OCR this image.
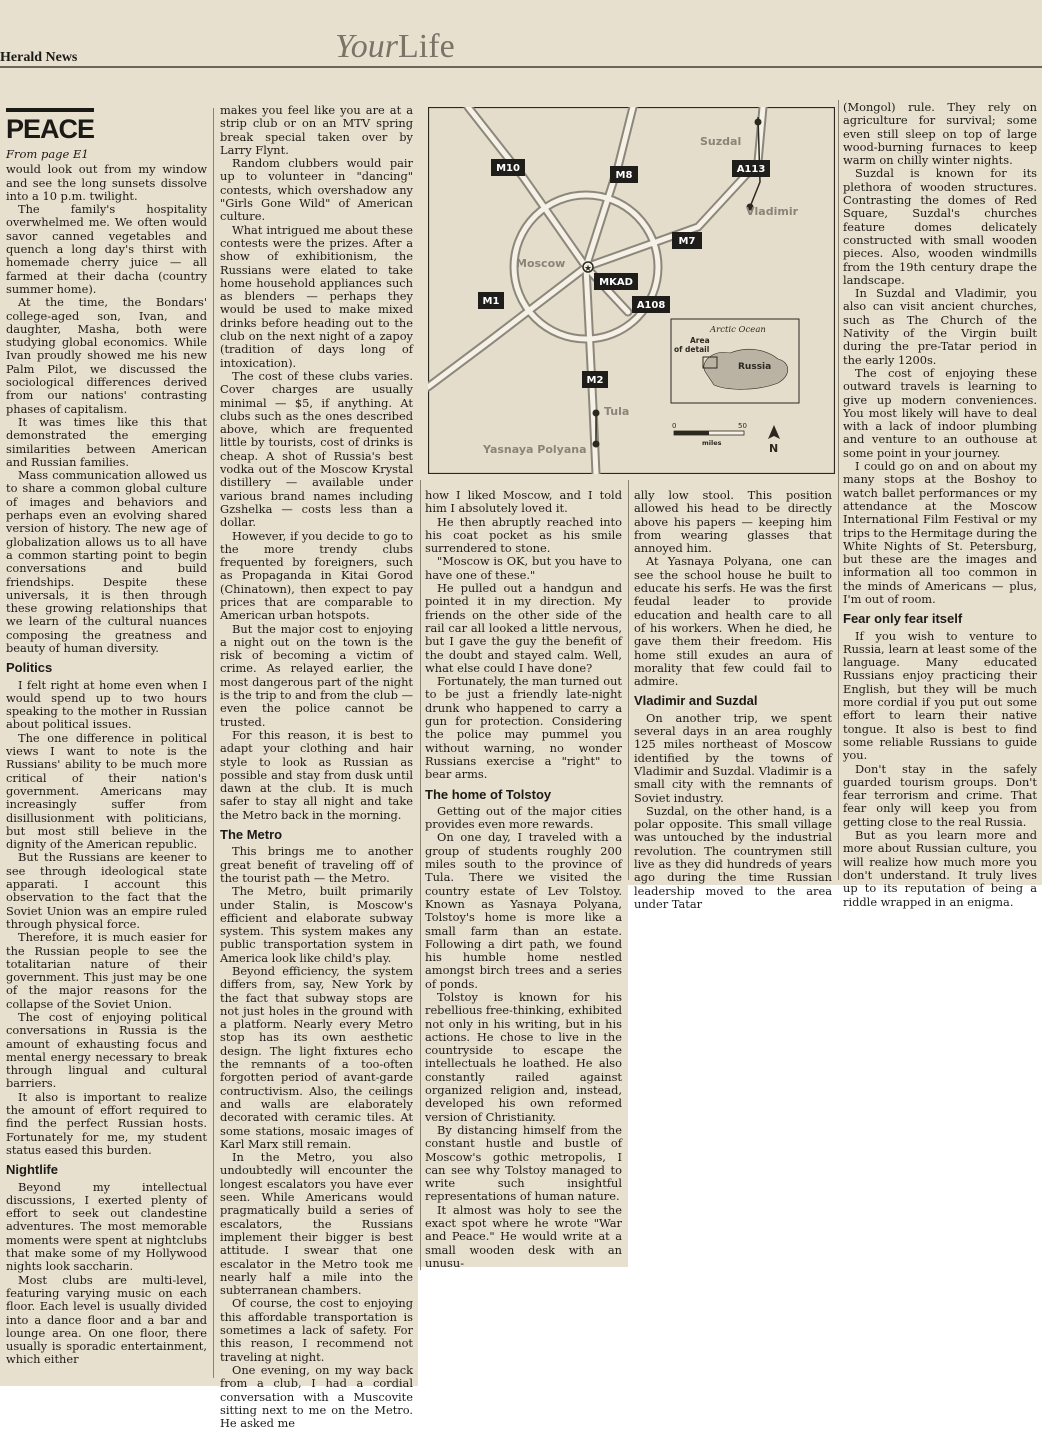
Herald News	YourLife
PEACE
From page E1

would look out from my window and see the long sunsets dissolve into a 10 p.m. twilight.

The family's hospitality overwhelmed me. We often would savor canned vegetables and quench a long day's thirst with homemade cherry juice — all farmed at their dacha (country summer home).

At the time, the Bondars' college-aged son, Ivan, and daughter, Masha, both were studying global economics. While Ivan proudly showed me his new Palm Pilot, we discussed the sociological differences derived from our nations' contrasting phases of capitalism.

It was times like this that demonstrated the emerging similarities between American and Russian families.

Mass communication allowed us to share a common global culture of images and behaviors and perhaps even an evolving shared version of history. The new age of globalization allows us to all have a common starting point to begin conversations and build friendships. Despite these universals, it is then through these growing relationships that we learn of the cultural nuances composing the greatness and beauty of human diversity.

Politics

I felt right at home even when I would spend up to two hours speaking to the mother in Russian about political issues.

The one difference in political views I want to note is the Russians' ability to be much more critical of their nation's government. Americans may increasingly suffer from disillusionment with politicians, but most still believe in the dignity of the American republic.

But the Russians are keener to see through ideological state apparati. I account this observation to the fact that the Soviet Union was an empire ruled through physical force.

Therefore, it is much easier for the Russian people to see the totalitarian nature of their government. This just may be one of the major reasons for the collapse of the Soviet Union.

The cost of enjoying political conversations in Russia is the amount of exhausting focus and mental energy necessary to break through lingual and cultural barriers.

It also is important to realize the amount of effort required to find the perfect Russian hosts. Fortunately for me, my student status eased this burden.

Nightlife

Beyond my intellectual discussions, I exerted plenty of effort to seek out clandestine adventures. The most memorable moments were spent at nightclubs that make some of my Hollywood nights look saccharin.

Most clubs are multi-level, featuring varying music on each floor. Each level is usually divided into a dance floor and a bar and lounge area. On one floor, there usually is sporadic entertainment, which either

makes you feel like you are at a strip club or on an MTV spring break special taken over by Larry Flynt.

Random clubbers would pair up to volunteer in "dancing" contests, which overshadow any "Girls Gone Wild" of American culture.

What intrigued me about these contests were the prizes. After a show of exhibitionism, the Russians were elated to take home household appliances such as blenders — perhaps they would be used to make mixed drinks before heading out to the club on the next night of a zapoy (tradition of days long of intoxication).

The cost of these clubs varies. Cover charges are usually minimal — $5, if anything. At clubs such as the ones described above, which are frequented little by tourists, cost of drinks is cheap. A shot of Russia's best vodka out of the Moscow Krystal distillery — available under various brand names including Gzshelka — costs less than a dollar.

However, if you decide to go to the more trendy clubs frequented by foreigners, such as Propaganda in Kitai Gorod (Chinatown), then expect to pay prices that are comparable to American urban hotspots.

But the major cost to enjoying a night out on the town is the risk of becoming a victim of crime. As relayed earlier, the most dangerous part of the night is the trip to and from the club — even the police cannot be trusted.

For this reason, it is best to adapt your clothing and hair style to look as Russian as possible and stay from dusk until dawn at the club. It is much safer to stay all night and take the Metro back in the morning.

The Metro

This brings me to another great benefit of traveling off of the tourist path — the Metro.

The Metro, built primarily under Stalin, is Moscow's efficient and elaborate subway system. This system makes any public transportation system in America look like child's play.

Beyond efficiency, the system differs from, say, New York by the fact that subway stops are not just holes in the ground with a platform. Nearly every Metro stop has its own aesthetic design. The light fixtures echo the remnants of a too-often forgotten period of avant-garde contructivism. Also, the ceilings and walls are elaborately decorated with ceramic tiles. At some stations, mosaic images of Karl Marx still remain.

In the Metro, you also undoubtedly will encounter the longest escalators you have ever seen. While Americans would pragmatically build a series of escalators, the Russians implement their bigger is best attitude. I swear that one escalator in the Metro took me nearly half a mile into the subterranean chambers.

Of course, the cost to enjoying this affordable transportation is sometimes a lack of safety. For this reason, I recommend not traveling at night.

One evening, on my way back from a club, I had a cordial conversation with a Muscovite sitting next to me on the Metro. He asked me

★
Suzdal
Vladimir
Moscow
Tula
Yasnaya Polyana
M10
M8
A113
M7
MKAD
M1	A108
M2
Arctic Ocean
Area
of detail
Russia
0	50
miles	N

how I liked Moscow, and I told him I absolutely loved it.

He then abruptly reached into his coat pocket as his smile surrendered to stone.

"Moscow is OK, but you have to have one of these."

He pulled out a handgun and pointed it in my direction. My friends on the other side of the rail car all looked a little nervous, but I gave the guy the benefit of the doubt and stayed calm. Well, what else could I have done?

Fortunately, the man turned out to be just a friendly late-night drunk who happened to carry a gun for protection. Considering the police may pummel you without warning, no wonder Russians exercise a "right" to bear arms.

The home of Tolstoy

Getting out of the major cities provides even more rewards.

On one day, I traveled with a group of students roughly 200 miles south to the province of Tula. There we visited the country estate of Lev Tolstoy. Known as Yasnaya Polyana, Tolstoy's home is more like a small farm than an estate. Following a dirt path, we found his humble home nestled amongst birch trees and a series of ponds.

Tolstoy is known for his rebellious free-thinking, exhibited not only in his writing, but in his actions. He chose to live in the countryside to escape the intellectuals he loathed. He also constantly railed against organized religion and, instead, developed his own reformed version of Christianity.

By distancing himself from the constant hustle and bustle of Moscow's gothic metropolis, I can see why Tolstoy managed to write such insightful representations of human nature.

It almost was holy to see the exact spot where he wrote "War and Peace." He would write at a small wooden desk with an unusu-

ally low stool. This position allowed his head to be directly above his papers — keeping him from wearing glasses that annoyed him.

At Yasnaya Polyana, one can see the school house he built to educate his serfs. He was the first feudal leader to provide education and health care to all of his workers. When he died, he gave them their freedom. His home still exudes an aura of morality that few could fail to admire.

Vladimir and Suzdal

On another trip, we spent several days in an area roughly 125 miles northeast of Moscow identified by the towns of Vladimir and Suzdal. Vladimir is a small city with the remnants of Soviet industry.

Suzdal, on the other hand, is a polar opposite. This small village was untouched by the industrial revolution. The countrymen still live as they did hundreds of years ago during the time Russian leadership moved to the area under Tatar

(Mongol) rule. They rely on agriculture for survival; some even still sleep on top of large wood-burning furnaces to keep warm on chilly winter nights.

Suzdal is known for its plethora of wooden structures. Contrasting the domes of Red Square, Suzdal's churches feature domes delicately constructed with small wooden pieces. Also, wooden windmills from the 19th century drape the landscape.

In Suzdal and Vladimir, you also can visit ancient churches, such as The Church of the Nativity of the Virgin built during the pre-Tatar period in the early 1200s.

The cost of enjoying these outward travels is learning to give up modern conveniences. You most likely will have to deal with a lack of indoor plumbing and venture to an outhouse at some point in your journey.

I could go on and on about my many stops at the Boshoy to watch ballet performances or my attendance at the Moscow International Film Festival or my trips to the Hermitage during the White Nights of St. Petersburg, but these are the images and information all too common in the minds of Americans — plus, I'm out of room.

Fear only fear itself

If you wish to venture to Russia, learn at least some of the language. Many educated Russians enjoy practicing their English, but they will be much more cordial if you put out some effort to learn their native tongue. It also is best to find some reliable Russians to guide you.

Don't stay in the safely guarded tourism groups. Don't fear terrorism and crime. That fear only will keep you from getting close to the real Russia.

But as you learn more and more about Russian culture, you will realize how much more you don't understand. It truly lives up to its reputation of being a riddle wrapped in an enigma.
